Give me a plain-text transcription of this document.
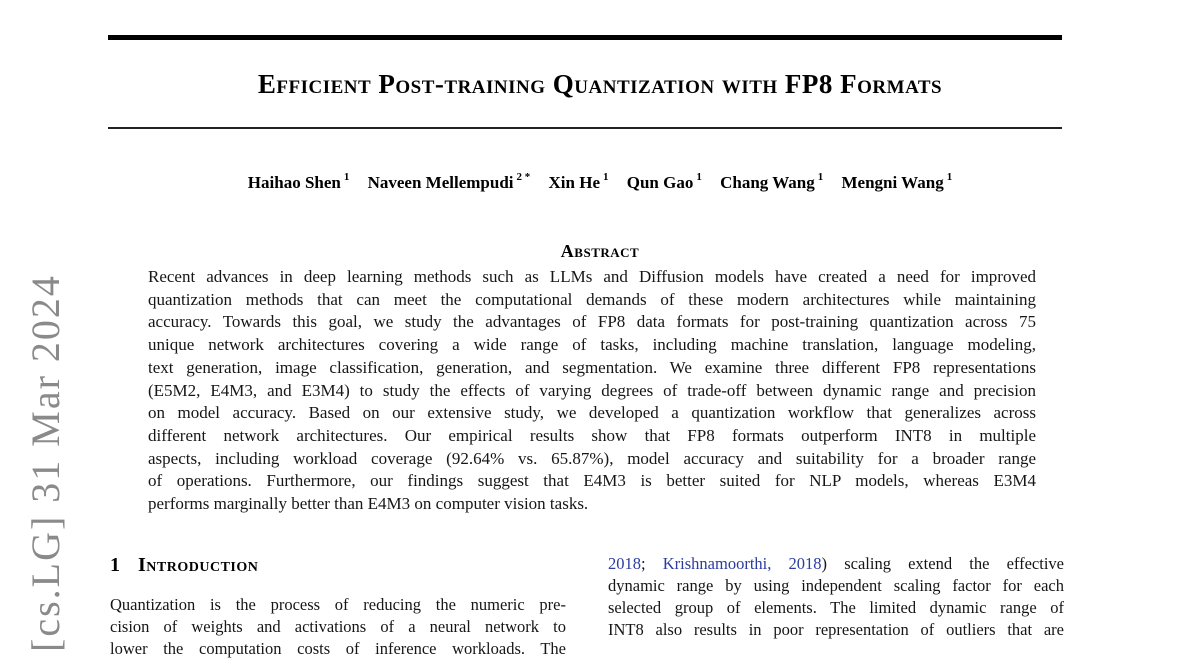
[cs.LG] 31 Mar 2024
Efficient Post-training Quantization with FP8 Formats
Haihao Shen $^1$ Naveen Mellempudi $^{2 *}$ Xin He $^1$ Qun Gao $^1$ Chang Wang $^1$ Mengni Wang $^1$
Abstract
Recent advances in deep learning methods such as LLMs and Diffusion models have created a need for improved
quantization methods that can meet the computational demands of these modern architectures while maintaining
accuracy. Towards this goal, we study the advantages of FP8 data formats for post-training quantization across 75
unique network architectures covering a wide range of tasks, including machine translation, language modeling,
text generation, image classification, generation, and segmentation. We examine three different FP8 representations
(E5M2, E4M3, and E3M4) to study the effects of varying degrees of trade-off between dynamic range and precision
on model accuracy. Based on our extensive study, we developed a quantization workflow that generalizes across
different network architectures. Our empirical results show that FP8 formats outperform INT8 in multiple
aspects, including workload coverage (92.64% vs. 65.87%), model accuracy and suitability for a broader range
of operations. Furthermore, our findings suggest that E4M3 is better suited for NLP models, whereas E3M4
performs marginally better than E4M3 on computer vision tasks.
1 Introduction
Quantization is the process of reducing the numeric pre-
cision of weights and activations of a neural network to
lower the computation costs of inference workloads. The
2018; Krishnamoorthi, 2018) scaling extend the effective
dynamic range by using independent scaling factor for each
selected group of elements. The limited dynamic range of
INT8 also results in poor representation of outliers that are
